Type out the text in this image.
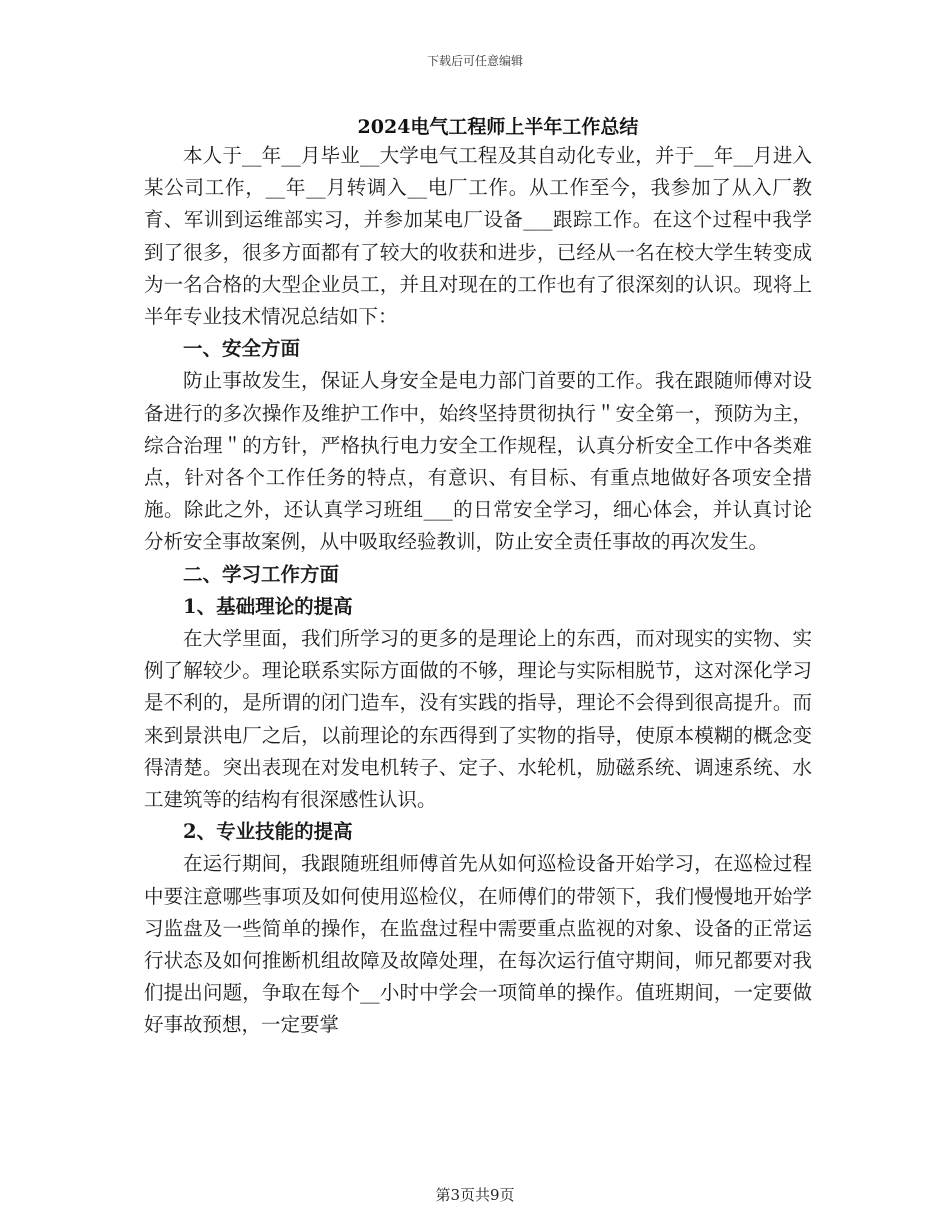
下载后可任意编辑
2024电气工程师上半年工作总结

本人于__年__月毕业__大学电气工程及其自动化专业，并于__年__月进入某公司工作，__年__月转调入__电厂工作。从工作至今，我参加了从入厂教育、军训到运维部实习，并参加某电厂设备___跟踪工作。在这个过程中我学到了很多，很多方面都有了较大的收获和进步，已经从一名在校大学生转变成为一名合格的大型企业员工，并且对现在的工作也有了很深刻的认识。现将上半年专业技术情况总结如下：

一、安全方面

防止事故发生，保证人身安全是电力部门首要的工作。我在跟随师傅对设备进行的多次操作及维护工作中，始终坚持贯彻执行＂安全第一，预防为主，综合治理＂的方针，严格执行电力安全工作规程，认真分析安全工作中各类难点，针对各个工作任务的特点，有意识、有目标、有重点地做好各项安全措施。除此之外，还认真学习班组___的日常安全学习，细心体会，并认真讨论分析安全事故案例，从中吸取经验教训，防止安全责任事故的再次发生。

二、学习工作方面

1、基础理论的提高

在大学里面，我们所学习的更多的是理论上的东西，而对现实的实物、实例了解较少。理论联系实际方面做的不够，理论与实际相脱节，这对深化学习是不利的，是所谓的闭门造车，没有实践的指导，理论不会得到很高提升。而来到景洪电厂之后，以前理论的东西得到了实物的指导，使原本模糊的概念变得清楚。突出表现在对发电机转子、定子、水轮机，励磁系统、调速系统、水工建筑等的结构有很深感性认识。

2、专业技能的提高

在运行期间，我跟随班组师傅首先从如何巡检设备开始学习，在巡检过程中要注意哪些事项及如何使用巡检仪，在师傅们的带领下，我们慢慢地开始学习监盘及一些简单的操作，在监盘过程中需要重点监视的对象、设备的正常运行状态及如何推断机组故障及故障处理，在每次运行值守期间，师兄都要对我们提出问题，争取在每个__小时中学会一项简单的操作。值班期间，一定要做好事故预想，一定要掌

第3页共9页
